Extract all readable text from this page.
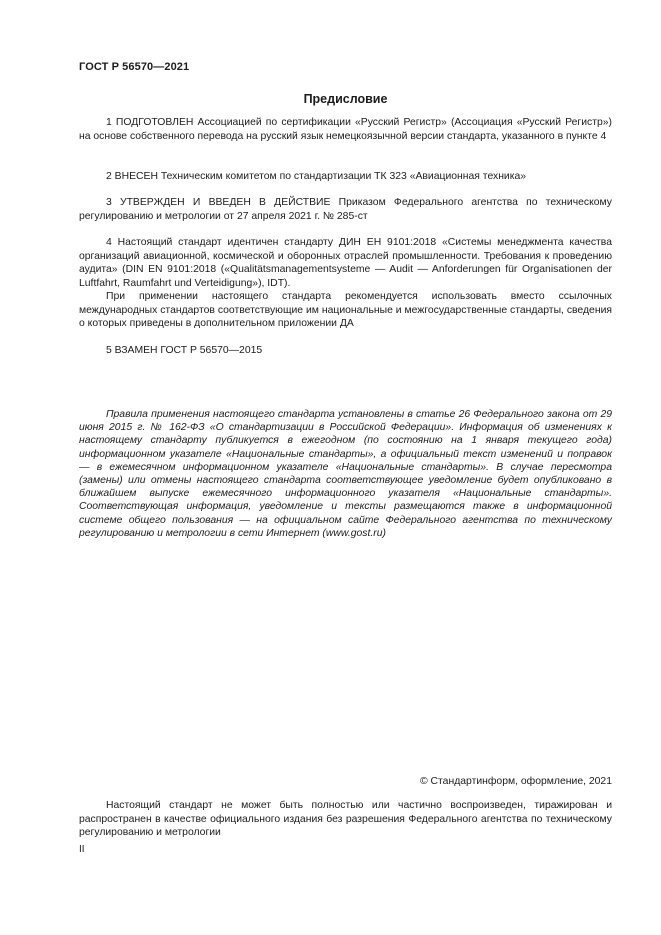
ГОСТ Р 56570—2021
Предисловие

1 ПОДГОТОВЛЕН Ассоциацией по сертификации «Русский Регистр» (Ассоциация «Русский Регистр») на основе собственного перевода на русский язык немецкоязычной версии стандарта, указанного в пункте 4

2 ВНЕСЕН Техническим комитетом по стандартизации ТК 323 «Авиационная техника»

3 УТВЕРЖДЕН И ВВЕДЕН В ДЕЙСТВИЕ Приказом Федерального агентства по техническому регулированию и метрологии от 27 апреля 2021 г. № 285-ст

4 Настоящий стандарт идентичен стандарту ДИН ЕН 9101:2018 «Системы менеджмента качества организаций авиационной, космической и оборонных отраслей промышленности. Требования к проведению аудита» (DIN EN 9101:2018 («Qualitätsmanagementsysteme — Audit — Anforderungen für Organisationen der Luftfahrt, Raumfahrt und Verteidigung»), IDT).

При применении настоящего стандарта рекомендуется использовать вместо ссылочных международных стандартов соответствующие им национальные и межгосударственные стандарты, сведения о которых приведены в дополнительном приложении ДА

5 ВЗАМЕН ГОСТ Р 56570—2015

Правила применения настоящего стандарта установлены в статье 26 Федерального закона от 29 июня 2015 г. № 162-ФЗ «О стандартизации в Российской Федерации». Информация об изменениях к настоящему стандарту публикуется в ежегодном (по состоянию на 1 января текущего года) информационном указателе «Национальные стандарты», а официальный текст изменений и поправок — в ежемесячном информационном указателе «Национальные стандарты». В случае пересмотра (замены) или отмены настоящего стандарта соответствующее уведомление будет опубликовано в ближайшем выпуске ежемесячного информационного указателя «Национальные стандарты». Соответствующая информация, уведомление и тексты размещаются также в информационной системе общего пользования — на официальном сайте Федерального агентства по техническому регулированию и метрологии в сети Интернет (www.gost.ru)

© Стандартинформ, оформление, 2021

Настоящий стандарт не может быть полностью или частично воспроизведен, тиражирован и распространен в качестве официального издания без разрешения Федерального агентства по техническому регулированию и метрологии

II
